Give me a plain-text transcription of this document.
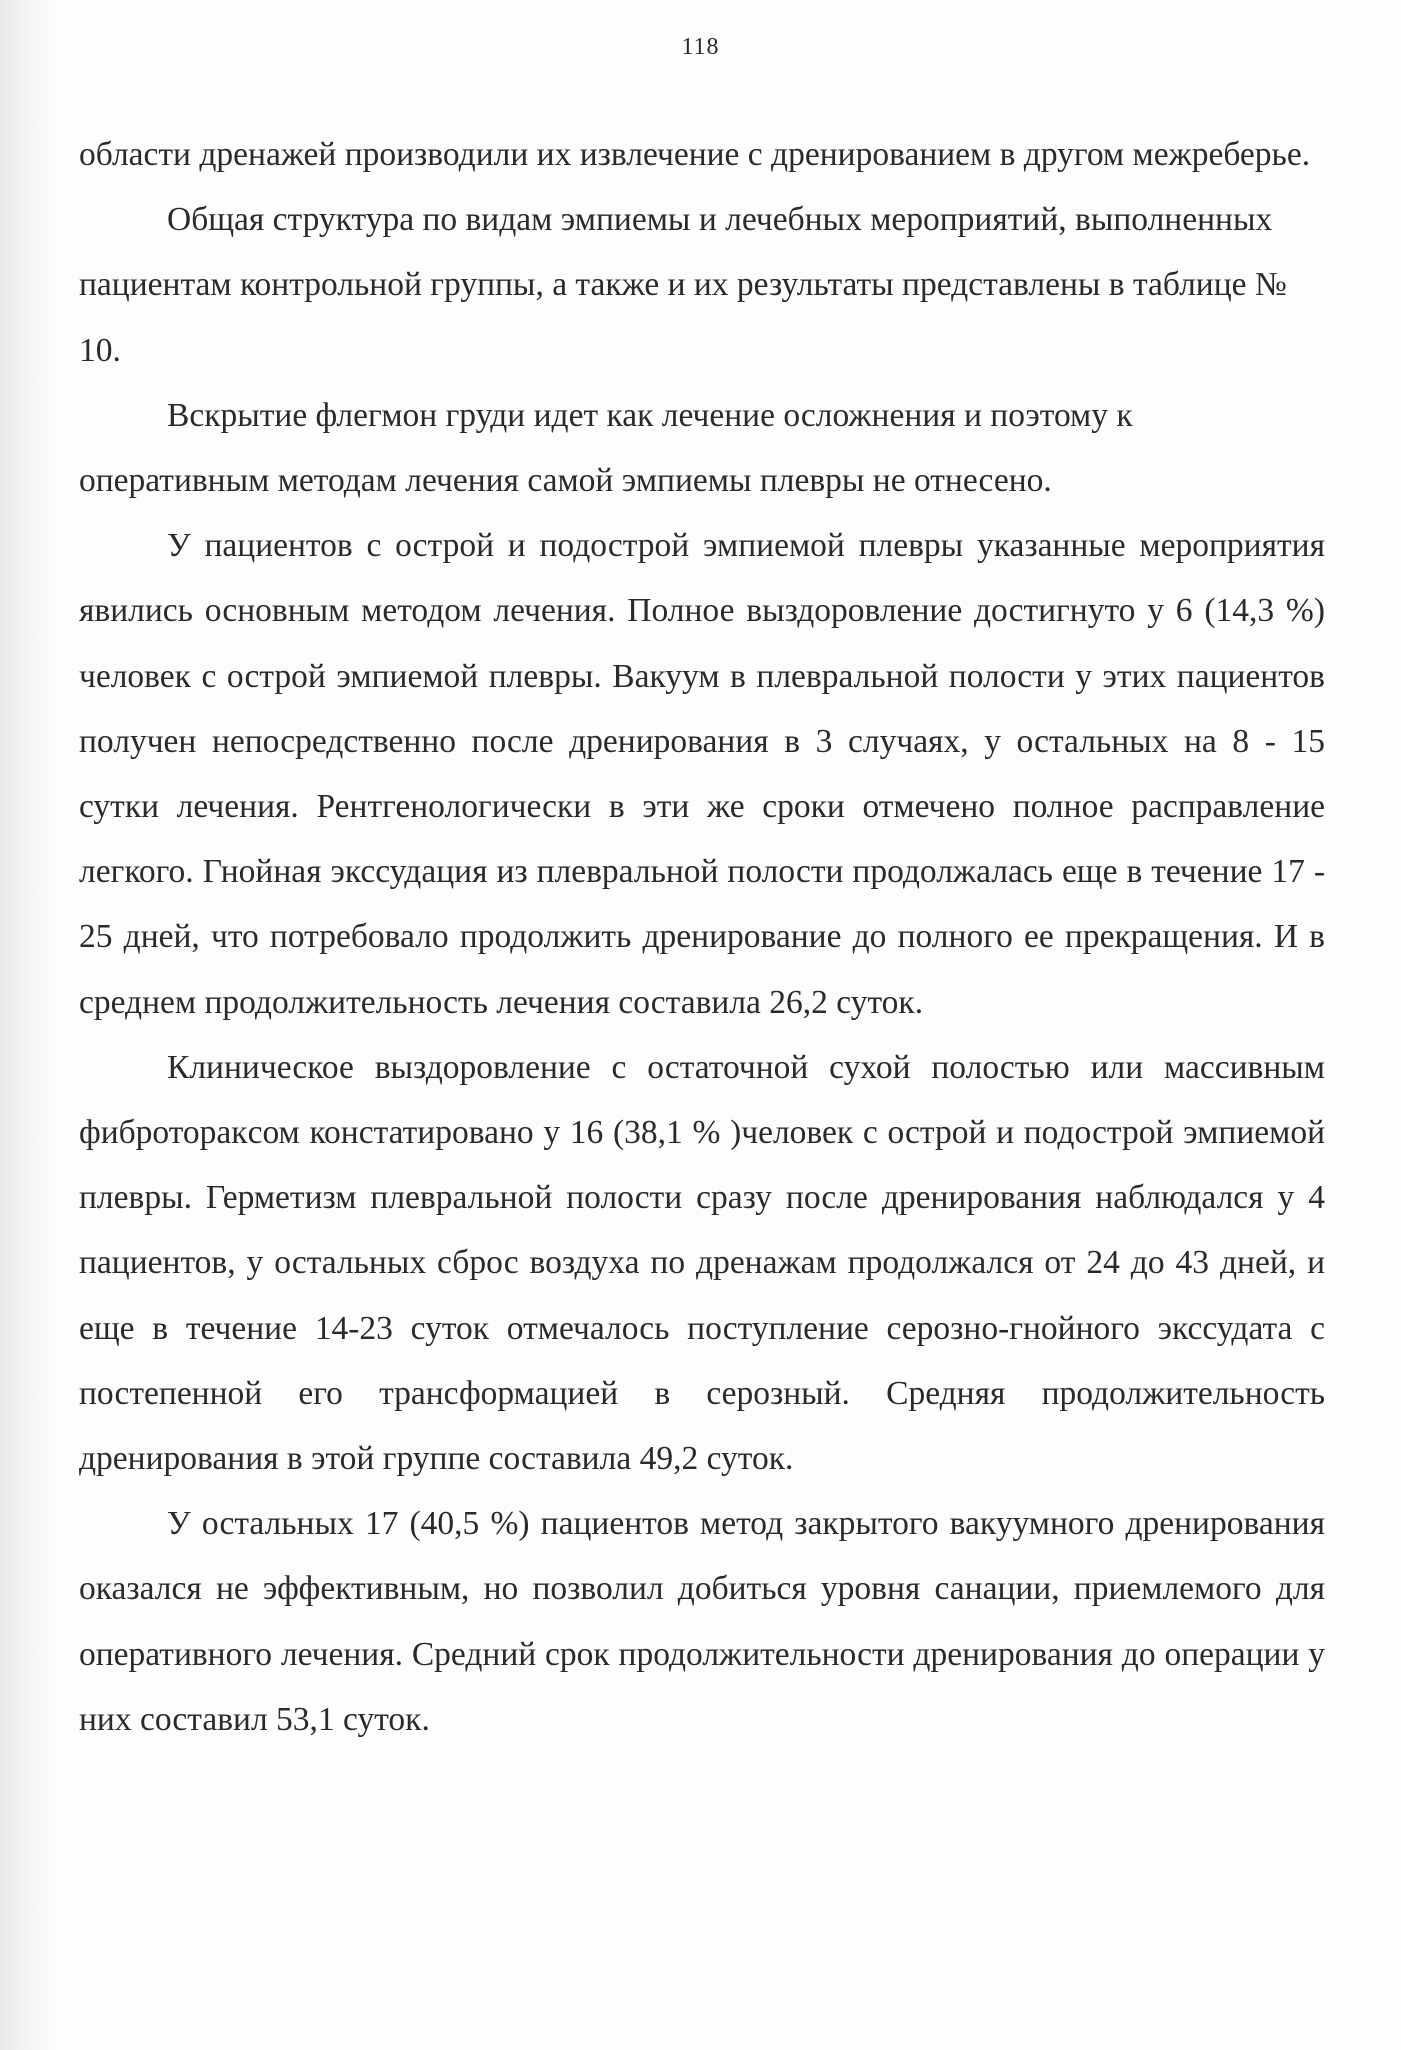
118

области дренажей производили их извлечение с дренированием в другом межреберье.

Общая структура по видам эмпиемы и лечебных мероприятий, выполненных пациентам контрольной группы, а также и их результаты представлены в таблице № 10.

Вскрытие флегмон груди идет как лечение осложнения и поэтому к оперативным методам лечения самой эмпиемы плевры не отнесено.

У пациентов с острой и подострой эмпиемой плевры указанные мероприятия явились основным методом лечения. Полное выздоровление достигнуто у 6 (14,3 %) человек с острой эмпиемой плевры. Вакуум в плевральной полости у этих пациентов получен непосредственно после дренирования в 3 случаях, у остальных на 8 - 15 сутки лечения. Рентгенологически в эти же сроки отмечено полное расправление легкого. Гнойная экссудация из плевральной полости продолжалась еще в течение 17 - 25 дней, что потребовало продолжить дренирование до полного ее прекращения. И в среднем продолжительность лечения составила 26,2 суток.

Клиническое выздоровление с остаточной сухой полостью или массивным фиброторакcом констатировано у 16 (38,1 % )человек с острой и подострой эмпиемой плевры. Герметизм плевральной полости сразу после дренирования наблюдался у 4 пациентов, у остальных сброс воздуха по дренажам продолжался от 24 до 43 дней, и еще в течение 14-23 суток отмечалось поступление серозно-гнойного экссудата с постепенной его трансформацией в серозный. Средняя продолжительность дренирования в этой группе составила 49,2 суток.

У остальных 17 (40,5 %) пациентов метод закрытого вакуумного дренирования оказался не эффективным, но позволил добиться уровня санации, приемлемого для оперативного лечения. Средний срок продолжительности дренирования до операции у них составил 53,1 суток.
